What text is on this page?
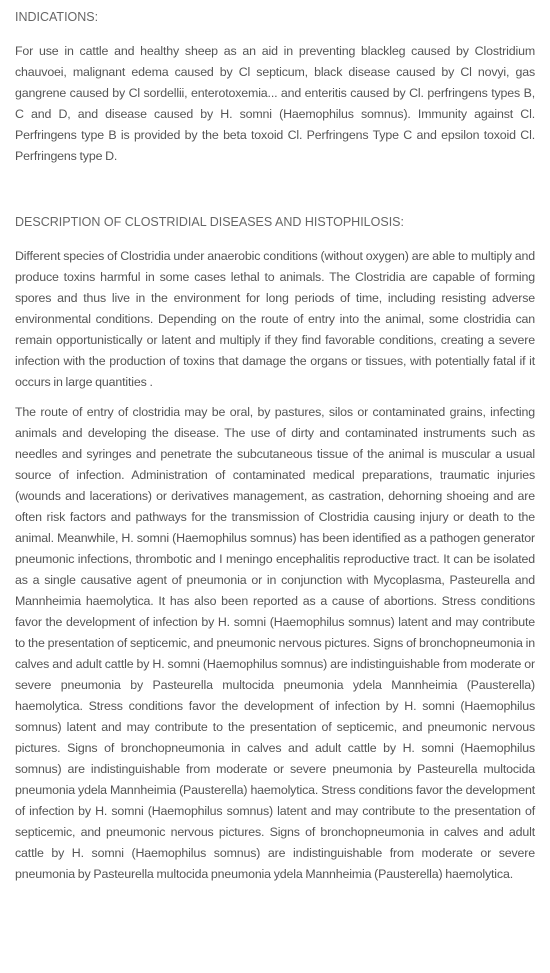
INDICATIONS:

For use in cattle and healthy sheep as an aid in preventing blackleg caused by Clostridium chauvoei, malignant edema caused by Cl septicum, black disease caused by Cl novyi, gas gangrene caused by Cl sordellii, enterotoxemia... and enteritis caused by Cl. perfringens types B, C and D, and disease caused by H. somni (Haemophilus somnus). Immunity against Cl. Perfringens type B is provided by the beta toxoid Cl. Perfringens Type C and epsilon toxoid Cl. Perfringens type D.

DESCRIPTION OF CLOSTRIDIAL DISEASES AND HISTOPHILOSIS:

Different species of Clostridia under anaerobic conditions (without oxygen) are able to multiply and produce toxins harmful in some cases lethal to animals. The Clostridia are capable of forming spores and thus live in the environment for long periods of time, including resisting adverse environmental conditions. Depending on the route of entry into the animal, some clostridia can remain opportunistically or latent and multiply if they find favorable conditions, creating a severe infection with the production of toxins that damage the organs or tissues, with potentially fatal if it occurs in large quantities .

The route of entry of clostridia may be oral, by pastures, silos or contaminated grains, infecting animals and developing the disease. The use of dirty and contaminated instruments such as needles and syringes and penetrate the subcutaneous tissue of the animal is muscular a usual source of infection. Administration of contaminated medical preparations, traumatic injuries (wounds and lacerations) or derivatives management, as castration, dehorning shoeing and are often risk factors and pathways for the transmission of Clostridia causing injury or death to the animal. Meanwhile, H. somni (Haemophilus somnus) has been identified as a pathogen generator pneumonic infections, thrombotic and I meningo encephalitis reproductive tract. It can be isolated as a single causative agent of pneumonia or in conjunction with Mycoplasma, Pasteurella and Mannheimia haemolytica. It has also been reported as a cause of abortions. Stress conditions favor the development of infection by H. somni (Haemophilus somnus) latent and may contribute to the presentation of septicemic, and pneumonic nervous pictures. Signs of bronchopneumonia in calves and adult cattle by H. somni (Haemophilus somnus) are indistinguishable from moderate or severe pneumonia by Pasteurella multocida pneumonia ydela Mannheimia (Pausterella) haemolytica. Stress conditions favor the development of infection by H. somni (Haemophilus somnus) latent and may contribute to the presentation of septicemic, and pneumonic nervous pictures. Signs of bronchopneumonia in calves and adult cattle by H. somni (Haemophilus somnus) are indistinguishable from moderate or severe pneumonia by Pasteurella multocida pneumonia ydela Mannheimia (Pausterella) haemolytica. Stress conditions favor the development of infection by H. somni (Haemophilus somnus) latent and may contribute to the presentation of septicemic, and pneumonic nervous pictures. Signs of bronchopneumonia in calves and adult cattle by H. somni (Haemophilus somnus) are indistinguishable from moderate or severe pneumonia by Pasteurella multocida pneumonia ydela Mannheimia (Pausterella) haemolytica.
